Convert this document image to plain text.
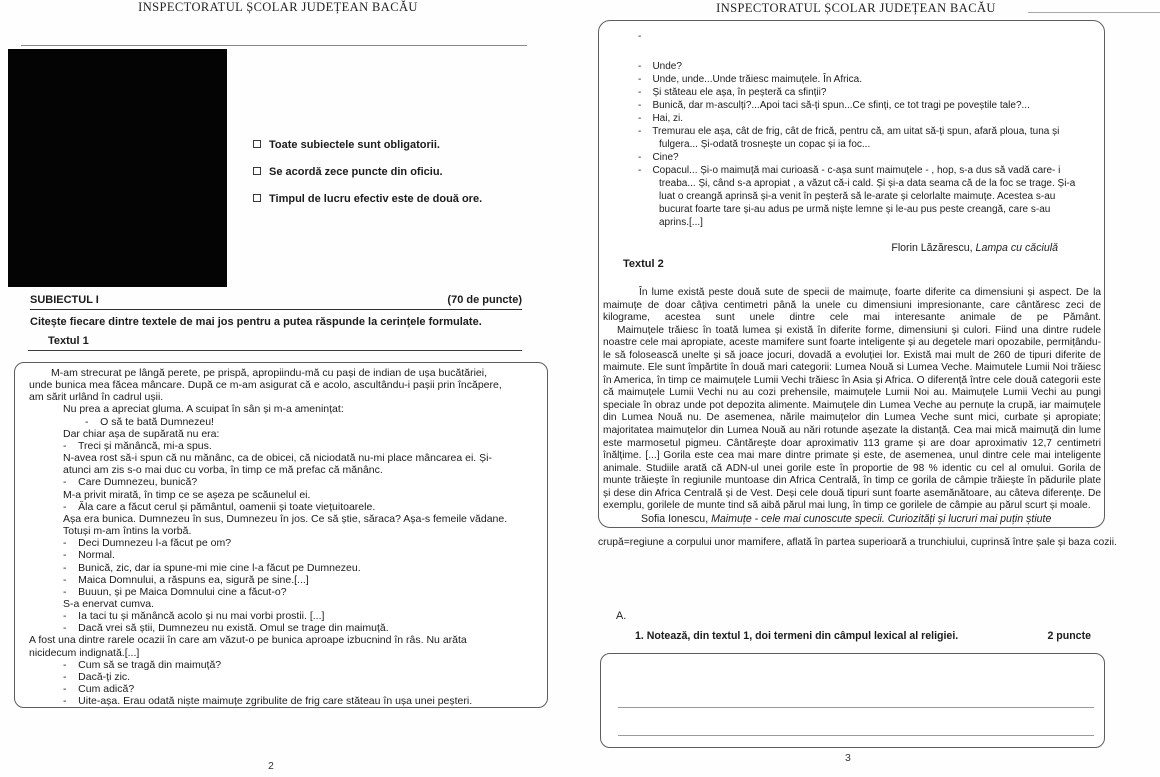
INSPECTORATUL ȘCOLAR JUDEȚEAN BACĂU
Toate subiectele sunt obligatorii.
Se acordă zece puncte din oficiu.
Timpul de lucru efectiv este de două ore.
SUBIECTUL I	(70 de puncte)
Citește fiecare dintre textele de mai jos pentru a putea răspunde la cerințele formulate.
Textul 1
M-am strecurat pe lângă perete, pe prispă, apropiindu-mă cu pași de indian de ușa bucătăriei,
unde bunica mea făcea mâncare. După ce m-am asigurat că e acolo, ascultându-i pașii prin încăpere,
am sărit urlând în cadrul ușii.
Nu prea a apreciat gluma. A scuipat în sân și m-a amenințat:
-    O să te bată Dumnezeu!
Dar chiar așa de supărată nu era:
-    Treci și mănâncă, mi-a spus.
N-avea rost să-i spun că nu mănânc, ca de obicei, că niciodată nu-mi place mâncarea ei. Și-
atunci am zis s-o mai duc cu vorba, în timp ce mă prefac că mănânc.
-    Care Dumnezeu, bunică?
M-a privit mirată, în timp ce se așeza pe scăunelul ei.
-    Ăla care a făcut cerul și pământul, oamenii și toate viețuitoarele.
Așa era bunica. Dumnezeu în sus, Dumnezeu în jos. Ce să știe, săraca? Așa-s femeile vădane.
Totuși m-am întins la vorbă.
-    Deci Dumnezeu l-a făcut pe om?
-    Normal.
-    Bunică, zic, dar ia spune-mi mie cine l-a făcut pe Dumnezeu.
-    Maica Domnului, a răspuns ea, sigură pe sine.[...]
-    Buuun, și pe Maica Domnului cine a făcut-o?
S-a enervat cumva.
-    Ia taci tu și mănâncă acolo și nu mai vorbi prostii. [...]
-    Dacă vrei să știi, Dumnezeu nu există. Omul se trage din maimuță.
A fost una dintre rarele ocazii în care am văzut-o pe bunica aproape izbucnind în râs. Nu arăta
nicidecum indignată.[...]
-    Cum să se tragă din maimuță?
-    Dacă-ți zic.
-    Cum adică?
-    Uite-așa. Erau odată niște maimuțe zgribulite de frig care stăteau în ușa unei peșteri.
2
INSPECTORATUL ȘCOLAR JUDEȚEAN BACĂU
-
-    Unde?
-    Unde, unde...Unde trăiesc maimuțele. În Africa.
-    Și stăteau ele așa, în peșteră ca sfinții?
-    Bunică, dar m-asculți?...Apoi taci să-ți spun...Ce sfinți, ce tot tragi pe poveștile tale?...
-    Hai, zi.
-    Tremurau ele așa, cât de frig, cât de frică, pentru că, am uitat să-ți spun, afară ploua, tuna și
fulgera... Și-odată trosnește un copac și ia foc...
-    Cine?
-    Copacul... Și-o maimuță mai curioasă - c-așa sunt maimuțele - , hop, s-a dus să vadă care- i
treaba... Și, când s-a apropiat , a văzut că-i cald. Și și-a data seama că de la foc se trage. Și-a
luat o creangă aprinsă și-a venit în peșteră să le-arate și celorlalte maimuțe. Acestea s-au
bucurat foarte tare și-au adus pe urmă niște lemne și le-au pus peste creangă, care s-au
aprins.[...]
Florin Lăzărescu, Lampa cu căciulă
Textul 2
În lume există peste două sute de specii de maimuțe, foarte diferite ca dimensiuni și aspect. De la maimuțe de doar câțiva centimetri până la unele cu dimensiuni impresionante, care cântăresc zeci de kilograme, acestea sunt unele dintre cele mai interesante animale de pe Pământ.
Maimuțele trăiesc în toată lumea și există în diferite forme, dimensiuni și culori. Fiind una dintre rudele noastre cele mai apropiate, aceste mamifere sunt foarte inteligente și au degetele mari opozabile, permițându-le să folosească unelte și să joace jocuri, dovadă a evoluției lor. Există mai mult de 260 de tipuri diferite de maimute. Ele sunt împărtite în două mari categorii: Lumea Nouă si Lumea Veche. Maimutele Lumii Noi trăiesc în America, în timp ce maimuțele Lumii Vechi trăiesc în Asia și Africa. O diferență între cele două categorii este că maimuțele Lumii Vechi nu au cozi prehensile, maimuțele Lumii Noi au. Maimuțele Lumii Vechi au pungi speciale în obraz unde pot depozita alimente. Maimuțele din Lumea Veche au pernuțe la crupă, iar maimuțele din Lumea Nouă nu. De asemenea, nările maimuțelor din Lumea Veche sunt mici, curbate și apropiate; majoritatea maimuțelor din Lumea Nouă au nări rotunde așezate la distanță. Cea mai mică maimuță din lume este marmosetul pigmeu. Cântărește doar aproximativ 113 grame și are doar aproximativ 12,7 centimetri înălțime. [...] Gorila este cea mai mare dintre primate și este, de asemenea, unul dintre cele mai inteligente animale. Studiile arată că ADN-ul unei gorile este în proportie de 98 % identic cu cel al omului. Gorila de munte trăiește în regiunile muntoase din Africa Centrală, în timp ce gorila de câmpie trăiește în pădurile plate și dese din Africa Centrală și de Vest. Deși cele două tipuri sunt foarte asemănătoare, au câteva diferențe. De exemplu, gorilele de munte tind să aibă părul mai lung, în timp ce gorilele de câmpie au părul scurt și moale.
Sofia Ionescu, Maimuțe - cele mai cunoscute specii. Curiozități și lucruri mai puțin știute
crupă=regiune a corpului unor mamifere, aflată în partea superioară a trunchiului, cuprinsă între șale și baza cozii.
A.
1. Notează, din textul 1, doi termeni din câmpul lexical al religiei.	2 puncte
3
